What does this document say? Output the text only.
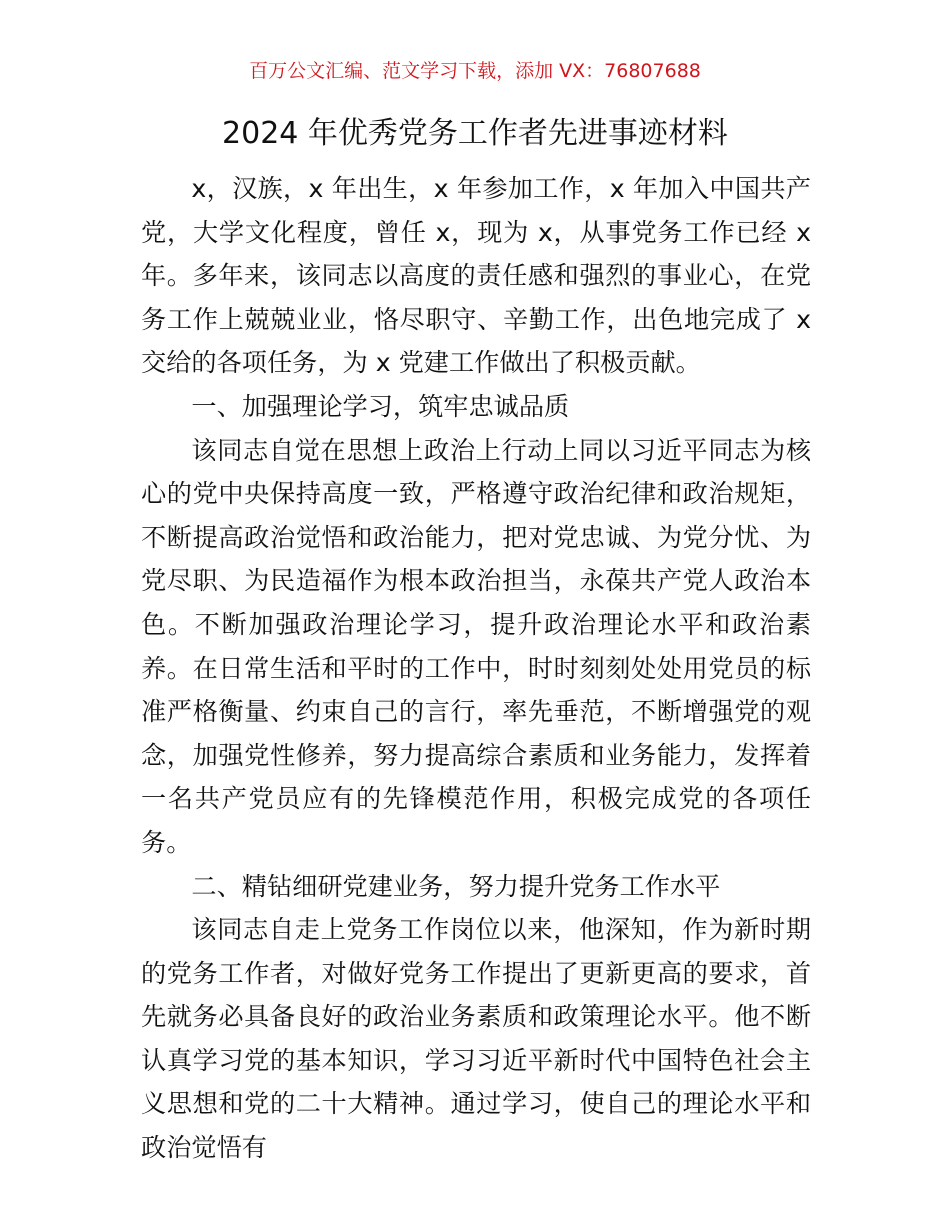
百万公文汇编、范文学习下载，添加 VX：76807688
2024 年优秀党务工作者先进事迹材料

x，汉族，x 年出生，x 年参加工作，x 年加入中国共产党，大学文化程度，曾任 x，现为 x，从事党务工作已经 x 年。多年来，该同志以高度的责任感和强烈的事业心，在党务工作上兢兢业业，恪尽职守、辛勤工作，出色地完成了 x 交给的各项任务，为 x 党建工作做出了积极贡献。

一、加强理论学习，筑牢忠诚品质

该同志自觉在思想上政治上行动上同以习近平同志为核心的党中央保持高度一致，严格遵守政治纪律和政治规矩，不断提高政治觉悟和政治能力，把对党忠诚、为党分忧、为党尽职、为民造福作为根本政治担当，永葆共产党人政治本色。不断加强政治理论学习，提升政治理论水平和政治素养。在日常生活和平时的工作中，时时刻刻处处用党员的标准严格衡量、约束自己的言行，率先垂范，不断增强党的观念，加强党性修养，努力提高综合素质和业务能力，发挥着一名共产党员应有的先锋模范作用，积极完成党的各项任务。

二、精钻细研党建业务，努力提升党务工作水平

该同志自走上党务工作岗位以来，他深知，作为新时期的党务工作者，对做好党务工作提出了更新更高的要求，首先就务必具备良好的政治业务素质和政策理论水平。他不断认真学习党的基本知识，学习习近平新时代中国特色社会主义思想和党的二十大精神。通过学习，使自己的理论水平和政治觉悟有
